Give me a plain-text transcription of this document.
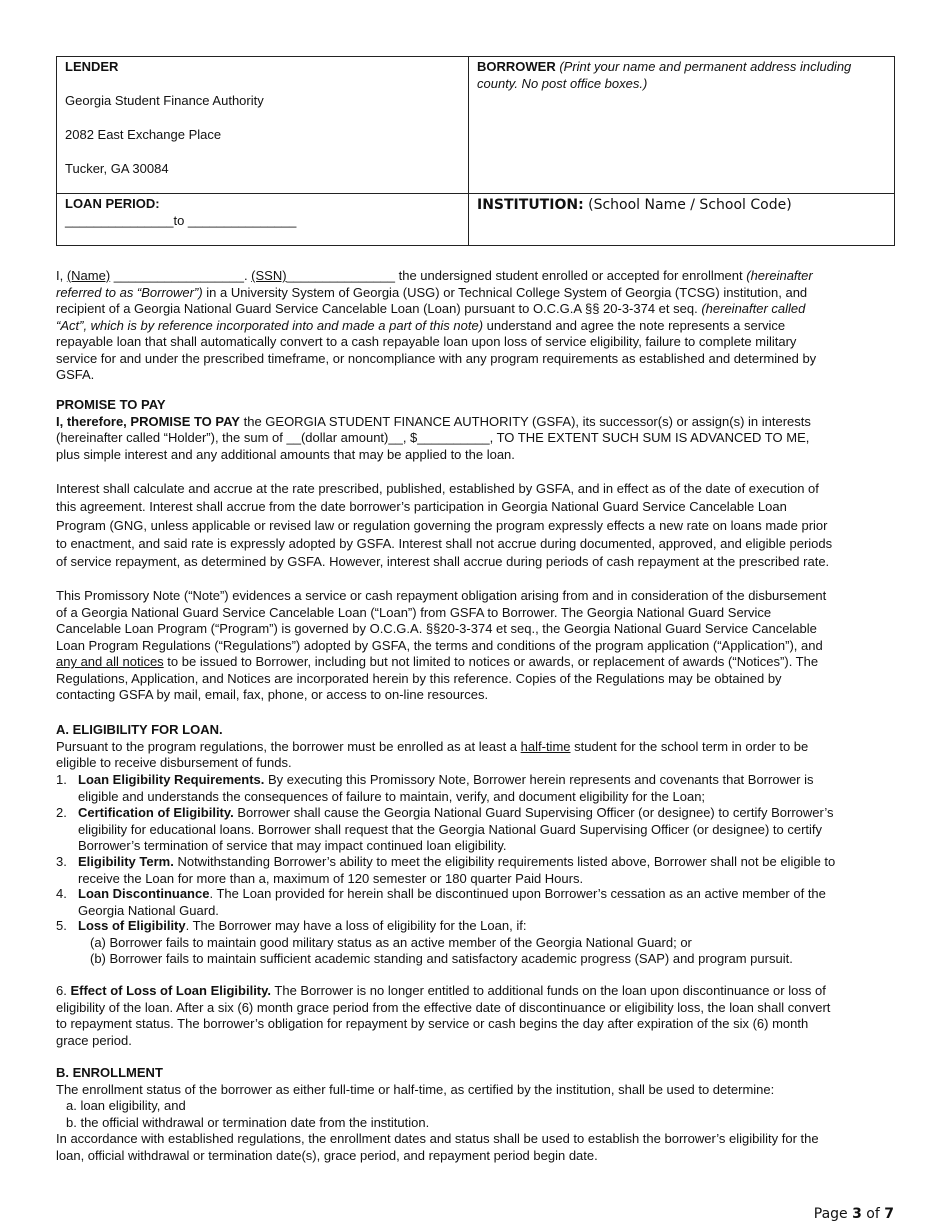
LENDER
Georgia Student Finance Authority
2082 East Exchange Place
Tucker, GA 30084
BORROWER (Print your name and permanent address including
county. No post office boxes.)
LOAN PERIOD:
_______________to _______________
INSTITUTION: (School Name / School Code)
I, (Name) __________________. (SSN)_______________ the undersigned student enrolled or accepted for enrollment (hereinafter
referred to as “Borrower”) in a University System of Georgia (USG) or Technical College System of Georgia (TCSG) institution, and
recipient of a Georgia National Guard Service Cancelable Loan (Loan) pursuant to O.C.G.A §§ 20-3-374 et seq. (hereinafter called
“Act”, which is by reference incorporated into and made a part of this note) understand and agree the note represents a service
repayable loan that shall automatically convert to a cash repayable loan upon loss of service eligibility, failure to complete military
service for and under the prescribed timeframe, or noncompliance with any program requirements as established and determined by
GSFA.
PROMISE TO PAY
I, therefore, PROMISE TO PAY the GEORGIA STUDENT FINANCE AUTHORITY (GSFA), its successor(s) or assign(s) in interests
(hereinafter called “Holder”), the sum of __(dollar amount)__, $__________, TO THE EXTENT SUCH SUM IS ADVANCED TO ME,
plus simple interest and any additional amounts that may be applied to the loan.
Interest shall calculate and accrue at the rate prescribed, published, established by GSFA, and in effect as of the date of execution of
this agreement. Interest shall accrue from the date borrower’s participation in Georgia National Guard Service Cancelable Loan
Program (GNG, unless applicable or revised law or regulation governing the program expressly effects a new rate on loans made prior
to enactment, and said rate is expressly adopted by GSFA. Interest shall not accrue during documented, approved, and eligible periods
of service repayment, as determined by GSFA. However, interest shall accrue during periods of cash repayment at the prescribed rate.
This Promissory Note (“Note”) evidences a service or cash repayment obligation arising from and in consideration of the disbursement
of a Georgia National Guard Service Cancelable Loan (“Loan”) from GSFA to Borrower. The Georgia National Guard Service
Cancelable Loan Program (“Program”) is governed by O.C.G.A. §§20-3-374 et seq., the Georgia National Guard Service Cancelable
Loan Program Regulations (“Regulations”) adopted by GSFA, the terms and conditions of the program application (“Application”), and
any and all notices to be issued to Borrower, including but not limited to notices or awards, or replacement of awards (“Notices”). The
Regulations, Application, and Notices are incorporated herein by this reference. Copies of the Regulations may be obtained by
contacting GSFA by mail, email, fax, phone, or access to on-line resources.
A. ELIGIBILITY FOR LOAN.
Pursuant to the program regulations, the borrower must be enrolled as at least a half-time student for the school term in order to be
eligible to receive disbursement of funds.
1. Loan Eligibility Requirements. By executing this Promissory Note, Borrower herein represents and covenants that Borrower is
eligible and understands the consequences of failure to maintain, verify, and document eligibility for the Loan;
2. Certification of Eligibility. Borrower shall cause the Georgia National Guard Supervising Officer (or designee) to certify Borrower’s
eligibility for educational loans. Borrower shall request that the Georgia National Guard Supervising Officer (or designee) to certify
Borrower’s termination of service that may impact continued loan eligibility.
3. Eligibility Term. Notwithstanding Borrower’s ability to meet the eligibility requirements listed above, Borrower shall not be eligible to
receive the Loan for more than a, maximum of 120 semester or 180 quarter Paid Hours.
4. Loan Discontinuance. The Loan provided for herein shall be discontinued upon Borrower’s cessation as an active member of the
Georgia National Guard.
5. Loss of Eligibility. The Borrower may have a loss of eligibility for the Loan, if:
(a) Borrower fails to maintain good military status as an active member of the Georgia National Guard; or
(b) Borrower fails to maintain sufficient academic standing and satisfactory academic progress (SAP) and program pursuit.
6. Effect of Loss of Loan Eligibility. The Borrower is no longer entitled to additional funds on the loan upon discontinuance or loss of
eligibility of the loan. After a six (6) month grace period from the effective date of discontinuance or eligibility loss, the loan shall convert
to repayment status. The borrower’s obligation for repayment by service or cash begins the day after expiration of the six (6) month
grace period.
B. ENROLLMENT
The enrollment status of the borrower as either full-time or half-time, as certified by the institution, shall be used to determine:
a. loan eligibility, and
b. the official withdrawal or termination date from the institution.
In accordance with established regulations, the enrollment dates and status shall be used to establish the borrower’s eligibility for the
loan, official withdrawal or termination date(s), grace period, and repayment period begin date.
Page 3 of 7
